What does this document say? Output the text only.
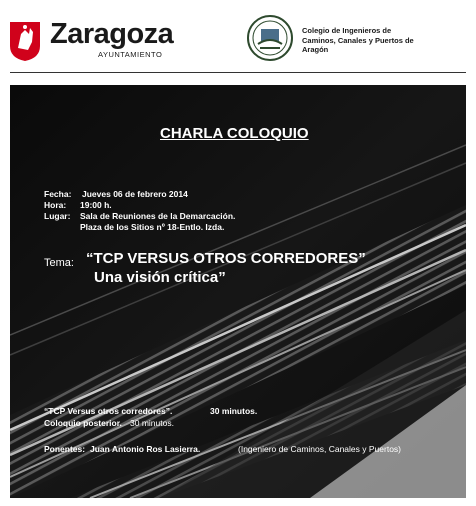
Zaragoza
AYUNTAMIENTO
Colegio de Ingenieros de
Caminos, Canales y Puertos de
Aragón
CHARLA COLOQUIO
Fecha: Jueves 06 de febrero 2014
Hora: 19:00 h.
Lugar: Sala de Reuniones de la Demarcación.
Plaza de los Sitios nº 18-Entlo. Izda.
Tema: “TCP VERSUS OTROS CORREDORES”
Una visión crítica”
“TCP Versus otros corredores”.	30 minutos.
Coloquio posterior. 30 minutos.
Ponentes: Juan Antonio Ros Lasierra.	(Ingeniero de Caminos, Canales y Puertos)
